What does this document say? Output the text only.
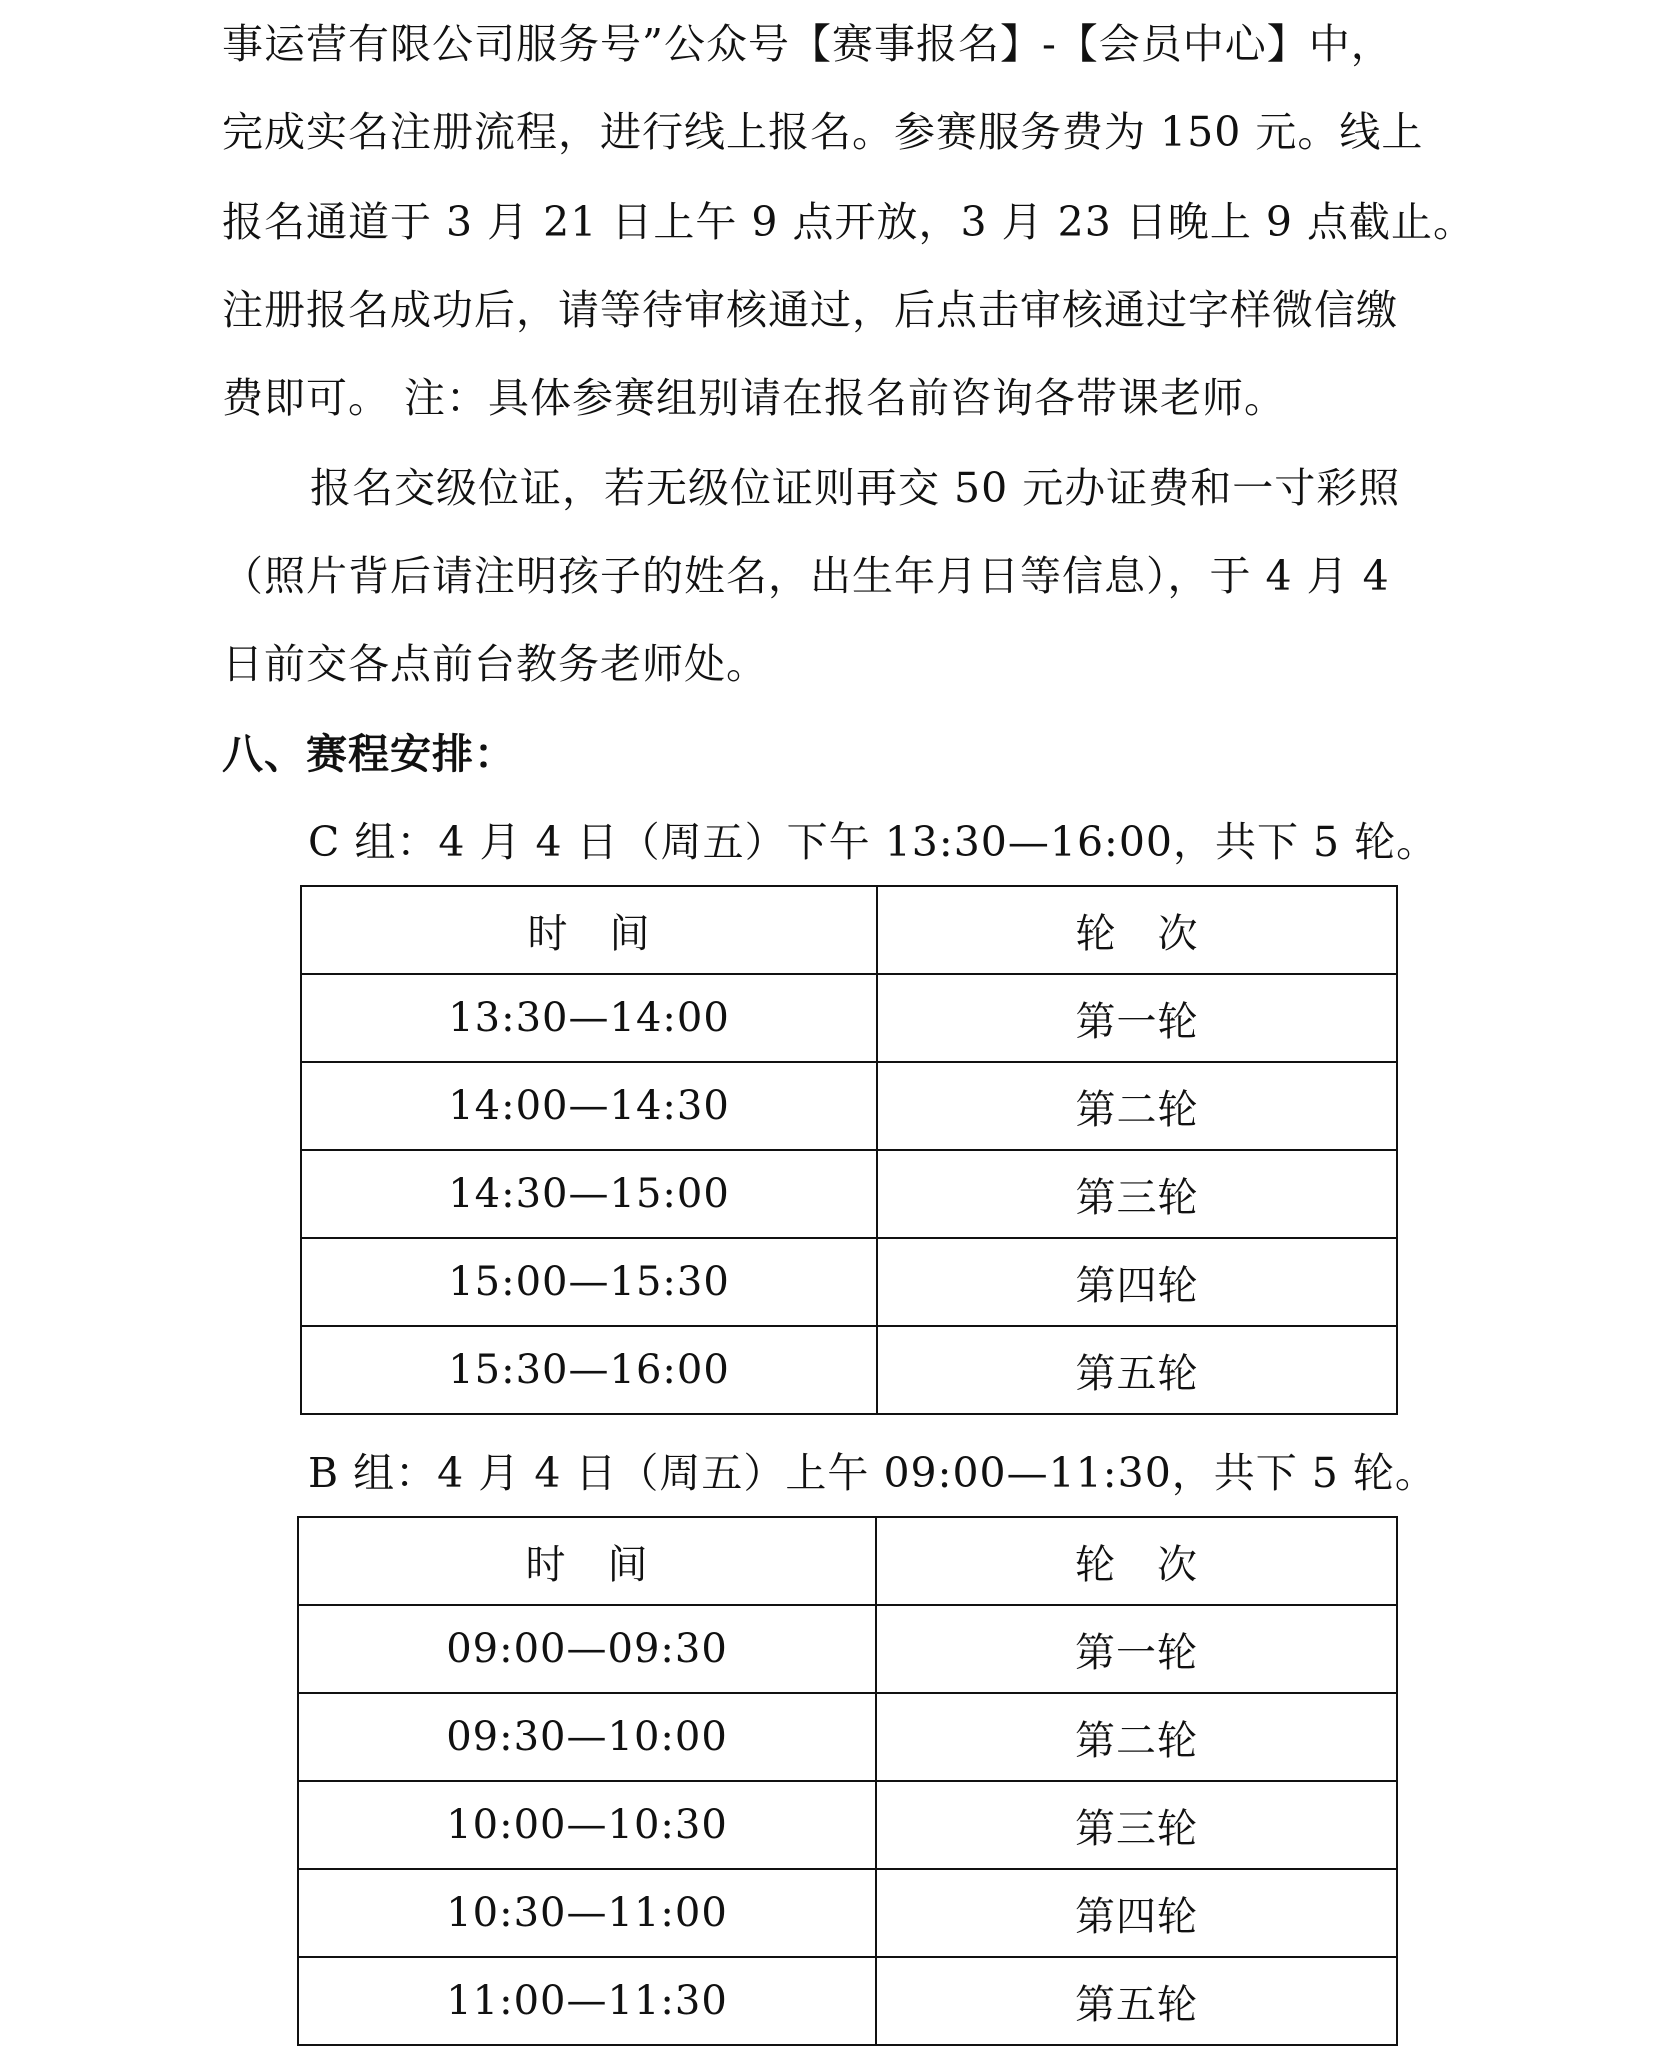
事运营有限公司服务号”公众号【赛事报名】-【会员中心】中，
完成实名注册流程，进行线上报名。参赛服务费为 150 元。线上
报名通道于 3 月 21 日上午 9 点开放，3 月 23 日晚上 9 点截止。
注册报名成功后，请等待审核通过，后点击审核通过字样微信缴
费即可。 注：具体参赛组别请在报名前咨询各带课老师。
报名交级位证，若无级位证则再交 50 元办证费和一寸彩照
（照片背后请注明孩子的姓名，出生年月日等信息），于 4 月 4
日前交各点前台教务老师处。
八、赛程安排：
C 组：4 月 4 日（周五）下午 13:30—16:00，共下 5 轮。
时　间	轮　次
13:30—14:00	第一轮
14:00—14:30	第二轮
14:30—15:00	第三轮
15:00—15:30	第四轮
15:30—16:00	第五轮
B 组：4 月 4 日（周五）上午 09:00—11:30，共下 5 轮。
时　间	轮　次
09:00—09:30	第一轮
09:30—10:00	第二轮
10:00—10:30	第三轮
10:30—11:00	第四轮
11:00—11:30	第五轮
